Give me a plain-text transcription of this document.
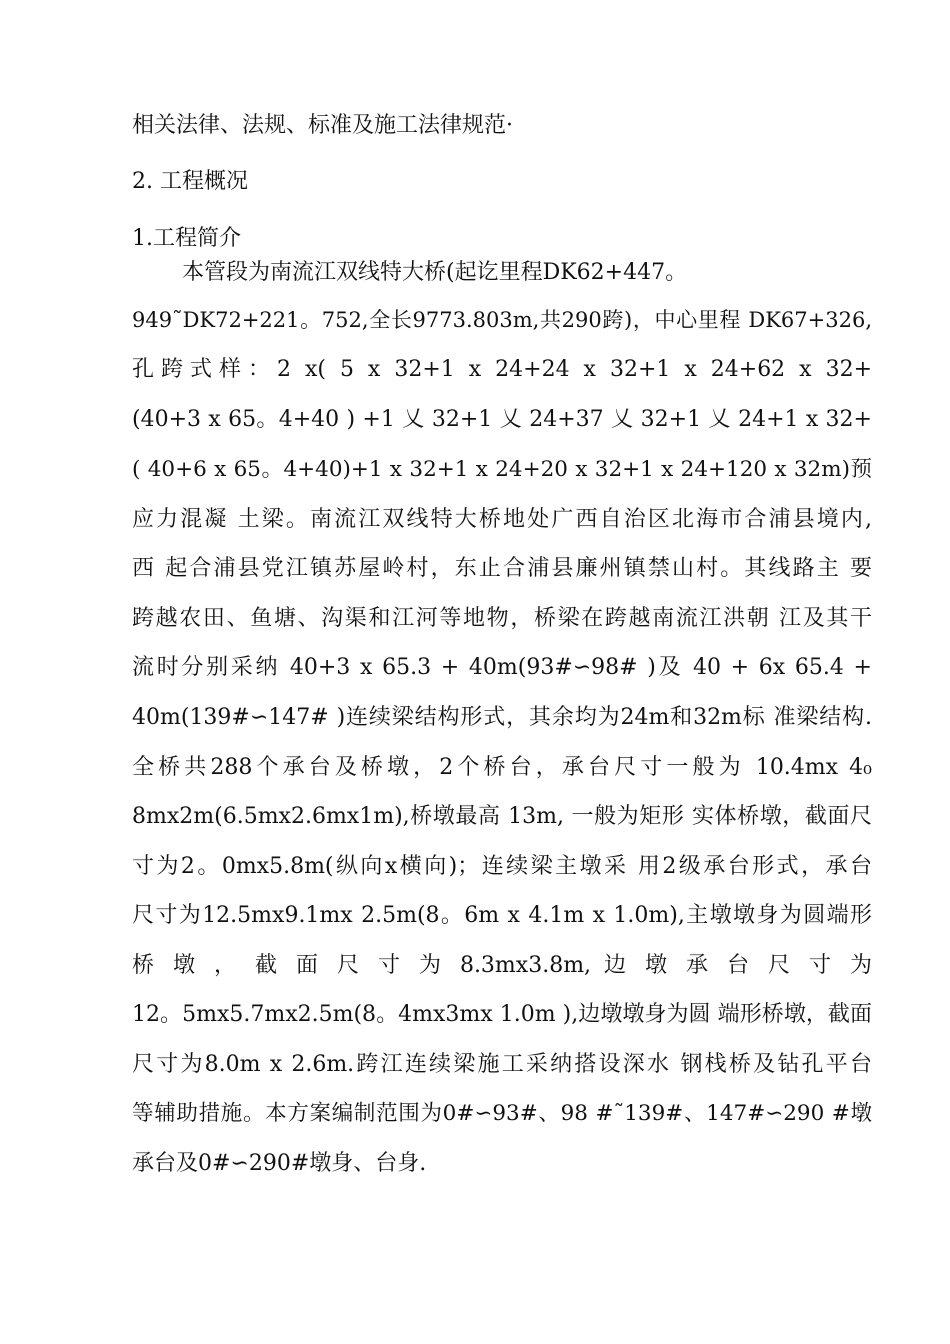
相关法律、法规、标准及施工法律规范·
2. 工程概况
1.工程简介
本管段为南流江双线特大桥(起讫里程DK62+447。
949˜DK72+221。752,全长9773.803m,共290跨)，中心里程 DK67+326,
孔跨式样：2 x( 5 x 32+1 x 24+24 x 32+1 x 24+62 x 32+
(40+3 x 65。4+40 ) +1 乂 32+1 乂 24+37 乂 32+1 乂 24+1 x 32+
( 40+6 x 65。4+40)+1 x 32+1 x 24+20 x 32+1 x 24+120 x 32m)预
应力混凝 土梁。南流江双线特大桥地处广西自治区北海市合浦县境内,
西 起合浦县党江镇苏屋岭村，东止合浦县廉州镇禁山村。其线路主 要
跨越农田、鱼塘、沟渠和江河等地物，桥梁在跨越南流江洪朝 江及其干
流时分别采纳 40+3 x 65.3 + 40m(93#∽98# )及 40 + 6x 65.4 +
40m(139#∽147# )连续梁结构形式，其余均为24m和32m标 准梁结构.
全桥共288个承台及桥墩，2个桥台，承台尺寸一般为 10.4mx 4₀
8mx2m(6.5mx2.6mx1m),桥墩最高 13m, 一般为矩形 实体桥墩，截面尺
寸为2。0mx5.8m(纵向x横向)；连续梁主墩采 用2级承台形式，承台
尺寸为12.5mx9.1mx 2.5m(8。6m x 4.1m x 1.0m),主墩墩身为圆端形
桥 墩 ， 截 面 尺 寸 为 8.3mx3.8m, 边 墩 承 台 尺 寸 为
12。5mx5.7mx2.5m(8。4mx3mx 1.0m ),边墩墩身为圆 端形桥墩，截面
尺寸为8.0m x 2.6m.跨江连续梁施工采纳搭设深水 钢栈桥及钻孔平台
等辅助措施。本方案编制范围为0#∽93#、98 #˜139#、147#∽290 #墩
承台及0#∽290#墩身、台身.
